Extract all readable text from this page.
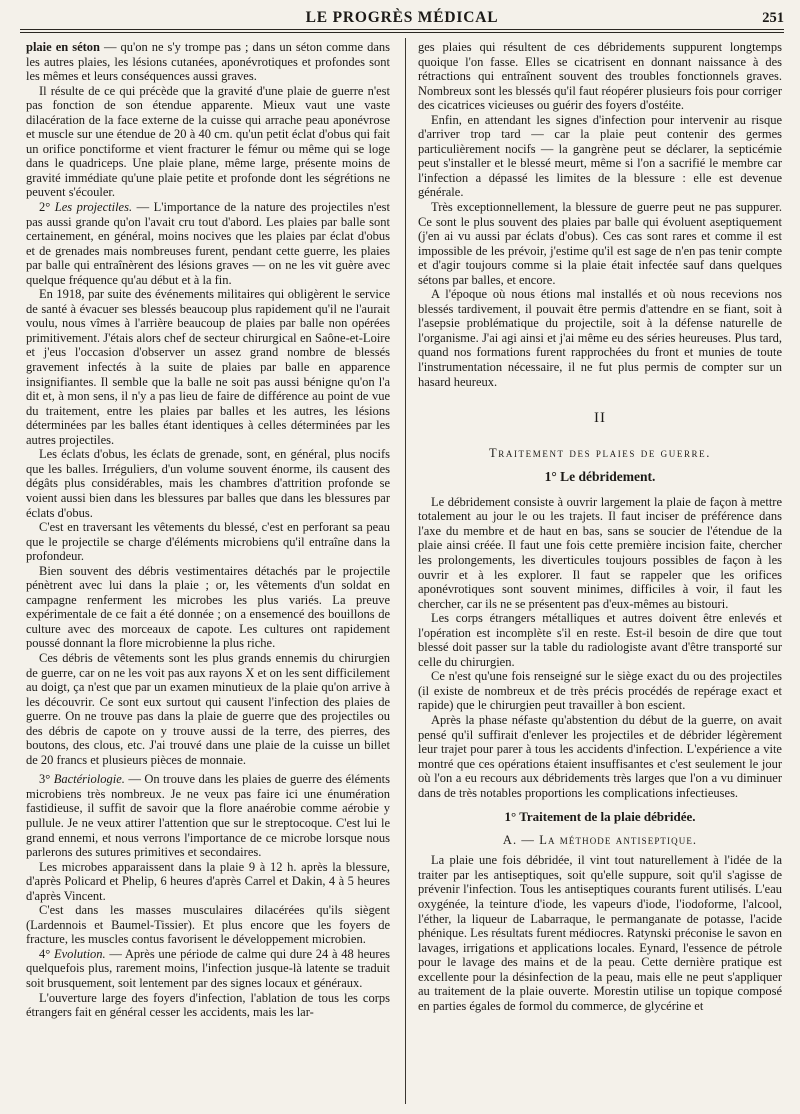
LE PROGRÈS MÉDICAL	251

plaie en séton — qu'on ne s'y trompe pas ; dans un séton comme dans les autres plaies, les lésions cutanées, aponévrotiques et profondes sont les mêmes et leurs conséquences aussi graves.

Il résulte de ce qui précède que la gravité d'une plaie de guerre n'est pas fonction de son étendue apparente. Mieux vaut une vaste dilacération de la face externe de la cuisse qui arrache peau aponévrose et muscle sur une étendue de 20 à 40 cm. qu'un petit éclat d'obus qui fait un orifice ponctiforme et vient fracturer le fémur ou même qui se loge dans le quadriceps. Une plaie plane, même large, présente moins de gravité immédiate qu'une plaie petite et profonde dont les ségrétions ne peuvent s'écouler.

2° Les projectiles. — L'importance de la nature des projectiles n'est pas aussi grande qu'on l'avait cru tout d'abord. Les plaies par balle sont certainement, en général, moins nocives que les plaies par éclat d'obus et de grenades mais nombreuses furent, pendant cette guerre, les plaies par balle qui entraînèrent des lésions graves — on ne les vit guère avec quelque fréquence qu'au début et à la fin.

En 1918, par suite des événements militaires qui obligèrent le service de santé à évacuer ses blessés beaucoup plus rapidement qu'il ne l'aurait voulu, nous vîmes à l'arrière beaucoup de plaies par balle non opérées primitivement. J'étais alors chef de secteur chirurgical en Saône-et-Loire et j'eus l'occasion d'observer un assez grand nombre de blessés gravement infectés à la suite de plaies par balle en apparence insignifiantes. Il semble que la balle ne soit pas aussi bénigne qu'on l'a dit et, à mon sens, il n'y a pas lieu de faire de différence au point de vue du traitement, entre les plaies par balles et les autres, les lésions déterminées par les balles étant identiques à celles déterminées par les autres projectiles.

Les éclats d'obus, les éclats de grenade, sont, en général, plus nocifs que les balles. Irréguliers, d'un volume souvent énorme, ils causent des dégâts plus considérables, mais les chambres d'attrition profonde se voient aussi bien dans les blessures par balles que dans les blessures par éclats d'obus.

C'est en traversant les vêtements du blessé, c'est en perforant sa peau que le projectile se charge d'éléments microbiens qu'il entraîne dans la profondeur.

Bien souvent des débris vestimentaires détachés par le projectile pénètrent avec lui dans la plaie ; or, les vêtements d'un soldat en campagne renferment les microbes les plus variés. La preuve expérimentale de ce fait a été donnée ; on a ensemencé des bouillons de culture avec des morceaux de capote. Les cultures ont rapidement poussé donnant la flore microbienne la plus riche.

Ces débris de vêtements sont les plus grands ennemis du chirurgien de guerre, car on ne les voit pas aux rayons X et on les sent difficilement au doigt, ça n'est que par un examen minutieux de la plaie qu'on arrive à les découvrir. Ce sont eux surtout qui causent l'infection des plaies de guerre. On ne trouve pas dans la plaie de guerre que des projectiles ou des débris de capote on y trouve aussi de la terre, des pierres, des boutons, des clous, etc. J'ai trouvé dans une plaie de la cuisse un billet de 20 francs et plusieurs pièces de monnaie.

3° Bactériologie. — On trouve dans les plaies de guerre des éléments microbiens très nombreux. Je ne veux pas faire ici une énumération fastidieuse, il suffit de savoir que la flore anaérobie comme aérobie y pullule. Je ne veux attirer l'attention que sur le streptocoque. C'est lui le grand ennemi, et nous verrons l'importance de ce microbe lorsque nous parlerons des sutures primitives et secondaires.

Les microbes apparaissent dans la plaie 9 à 12 h. après la blessure, d'après Policard et Phelip, 6 heures d'après Carrel et Dakin, 4 à 5 heures d'après Vincent.

C'est dans les masses musculaires dilacérées qu'ils siègent (Lardennois et Baumel-Tissier). Et plus encore que les foyers de fracture, les muscles contus favorisent le développement microbien.

4° Evolution. — Après une période de calme qui dure 24 à 48 heures quelquefois plus, rarement moins, l'infection jusque-là latente se traduit soit brusquement, soit lentement par des signes locaux et généraux.

L'ouverture large des foyers d'infection, l'ablation de tous les corps étrangers fait en général cesser les accidents, mais les lar-

ges plaies qui résultent de ces débridements suppurent longtemps quoique l'on fasse. Elles se cicatrisent en donnant naissance à des rétractions qui entraînent souvent des troubles fonctionnels graves. Nombreux sont les blessés qu'il faut réopérer plusieurs fois pour corriger des cicatrices vicieuses ou guérir des foyers d'ostéite.

Enfin, en attendant les signes d'infection pour intervenir au risque d'arriver trop tard — car la plaie peut contenir des germes particulièrement nocifs — la gangrène peut se déclarer, la septicémie peut s'installer et le blessé meurt, même si l'on a sacrifié le membre car l'infection a dépassé les limites de la blessure : elle est devenue générale.

Très exceptionnellement, la blessure de guerre peut ne pas suppurer. Ce sont le plus souvent des plaies par balle qui évoluent aseptiquement (j'en ai vu aussi par éclats d'obus). Ces cas sont rares et comme il est impossible de les prévoir, j'estime qu'il est sage de n'en pas tenir compte et d'agir toujours comme si la plaie était infectée sauf dans quelques sétons par balles, et encore.

A l'époque où nous étions mal installés et où nous recevions nos blessés tardivement, il pouvait être permis d'attendre en se fiant, soit à l'asepsie problématique du projectile, soit à la défense naturelle de l'organisme. J'ai agi ainsi et j'ai même eu des séries heureuses. Plus tard, quand nos formations furent rapprochées du front et munies de toute l'instrumentation nécessaire, il ne fut plus permis de compter sur un hasard heureux.

II

Traitement des plaies de guerre.

1° Le débridement.

Le débridement consiste à ouvrir largement la plaie de façon à mettre totalement au jour le ou les trajets. Il faut inciser de préférence dans l'axe du membre et de haut en bas, sans se soucier de l'étendue de la plaie ainsi créée. Il faut une fois cette première incision faite, chercher les prolongements, les diverticules toujours possibles de façon à les ouvrir et à les explorer. Il faut se rappeler que les orifices aponévrotiques sont souvent minimes, difficiles à voir, il faut les chercher, car ils ne se présentent pas d'eux-mêmes au bistouri.

Les corps étrangers métalliques et autres doivent être enlevés et l'opération est incomplète s'il en reste. Est-il besoin de dire que tout blessé doit passer sur la table du radiologiste avant d'être transporté sur celle du chirurgien.

Ce n'est qu'une fois renseigné sur le siège exact du ou des projectiles (il existe de nombreux et de très précis procédés de repérage exact et rapide) que le chirurgien peut travailler à bon escient.

Après la phase néfaste qu'abstention du début de la guerre, on avait pensé qu'il suffirait d'enlever les projectiles et de débrider légèrement leur trajet pour parer à tous les accidents d'infection. L'expérience a vite montré que ces opérations étaient insuffisantes et c'est seulement le jour où l'on a eu recours aux débridements très larges que l'on a vu diminuer dans de très notables proportions les complications infectieuses.

1° Traitement de la plaie débridée.

A. — La méthode antiseptique.

La plaie une fois débridée, il vint tout naturellement à l'idée de la traiter par les antiseptiques, soit qu'elle suppure, soit qu'il s'agisse de prévenir l'infection. Tous les antiseptiques courants furent utilisés. L'eau oxygénée, la teinture d'iode, les vapeurs d'iode, l'iodoforme, l'alcool, l'éther, la liqueur de Labarraque, le permanganate de potasse, l'acide phénique. Les résultats furent médiocres. Ratynski préconise le savon en lavages, irrigations et applications locales. Eynard, l'essence de pétrole pour le lavage des mains et de la peau. Cette dernière pratique est excellente pour la désinfection de la peau, mais elle ne peut s'appliquer au traitement de la plaie ouverte. Morestin utilise un topique composé en parties égales de formol du commerce, de glycérine et
